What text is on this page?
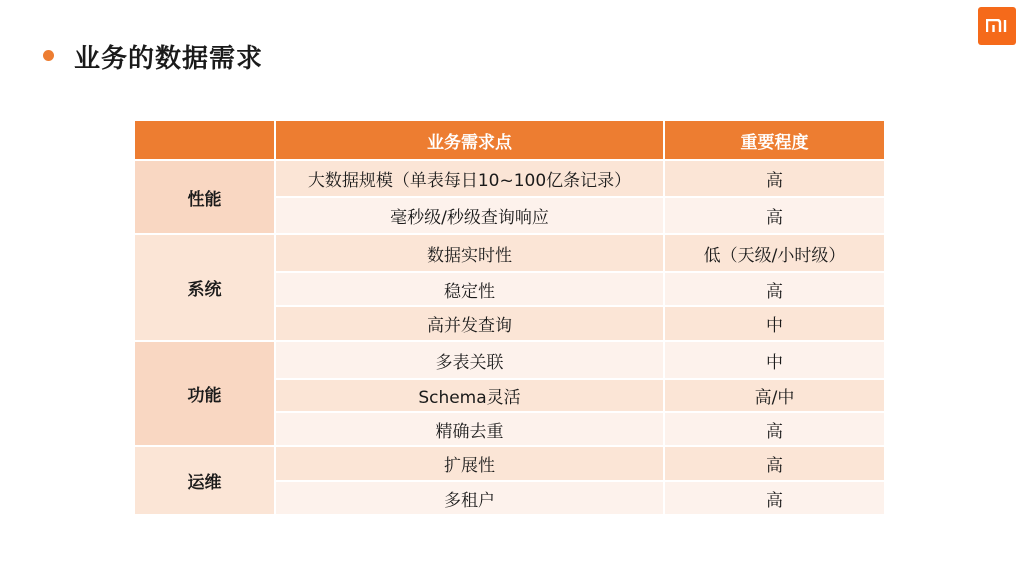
业务的数据需求
	业务需求点	重要程度
性能	大数据规模（单表每日10~100亿条记录）	高
	毫秒级/秒级查询响应	高
系统	数据实时性	低（天级/小时级）
	稳定性	高
	高并发查询	中
功能	多表关联	中
	Schema灵活	高/中
	精确去重	高
运维	扩展性	高
	多租户	高
